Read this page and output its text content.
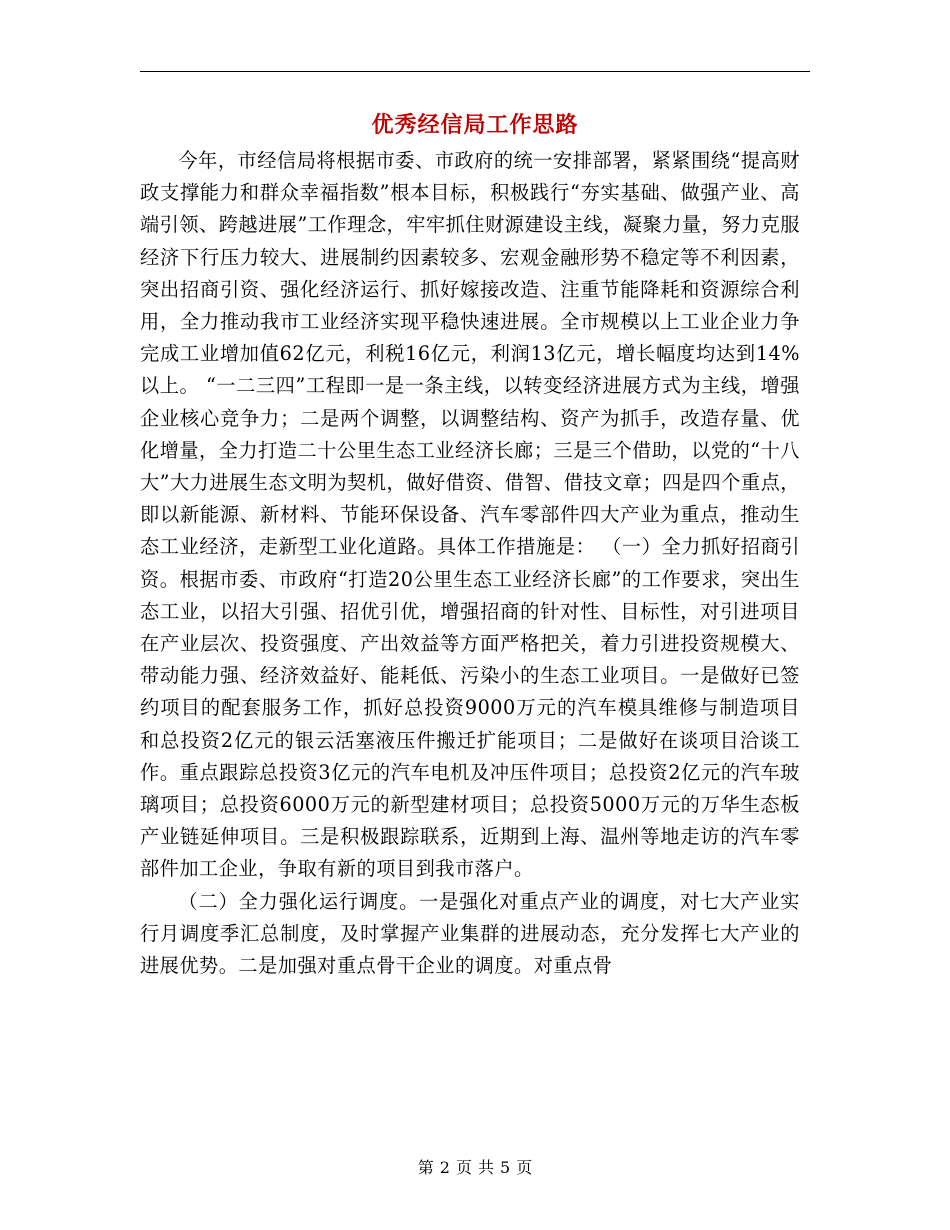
优秀经信局工作思路

今年，市经信局将根据市委、市政府的统一安排部署，紧紧围绕“提高财政支撑能力和群众幸福指数”根本目标，积极践行“夯实基础、做强产业、高端引领、跨越进展”工作理念，牢牢抓住财源建设主线，凝聚力量，努力克服经济下行压力较大、进展制约因素较多、宏观金融形势不稳定等不利因素，突出招商引资、强化经济运行、抓好嫁接改造、注重节能降耗和资源综合利用，全力推动我市工业经济实现平稳快速进展。全市规模以上工业企业力争完成工业增加值62亿元，利税16亿元，利润13亿元，增长幅度均达到14%以上。 “一二三四”工程即一是一条主线，以转变经济进展方式为主线，增强企业核心竞争力；二是两个调整，以调整结构、资产为抓手，改造存量、优化增量，全力打造二十公里生态工业经济长廊；三是三个借助，以党的“十八大”大力进展生态文明为契机，做好借资、借智、借技文章；四是四个重点，即以新能源、新材料、节能环保设备、汽车零部件四大产业为重点，推动生态工业经济，走新型工业化道路。具体工作措施是： （一）全力抓好招商引资。根据市委、市政府“打造20公里生态工业经济长廊”的工作要求，突出生态工业，以招大引强、招优引优，增强招商的针对性、目标性，对引进项目在产业层次、投资强度、产出效益等方面严格把关，着力引进投资规模大、带动能力强、经济效益好、能耗低、污染小的生态工业项目。一是做好已签约项目的配套服务工作，抓好总投资9000万元的汽车模具维修与制造项目和总投资2亿元的银云活塞液压件搬迁扩能项目；二是做好在谈项目洽谈工作。重点跟踪总投资3亿元的汽车电机及冲压件项目；总投资2亿元的汽车玻璃项目；总投资6000万元的新型建材项目；总投资5000万元的万华生态板产业链延伸项目。三是积极跟踪联系，近期到上海、温州等地走访的汽车零部件加工企业，争取有新的项目到我市落户。

（二）全力强化运行调度。一是强化对重点产业的调度，对七大产业实行月调度季汇总制度，及时掌握产业集群的进展动态，充分发挥七大产业的进展优势。二是加强对重点骨干企业的调度。对重点骨

第 2 页 共 5 页
